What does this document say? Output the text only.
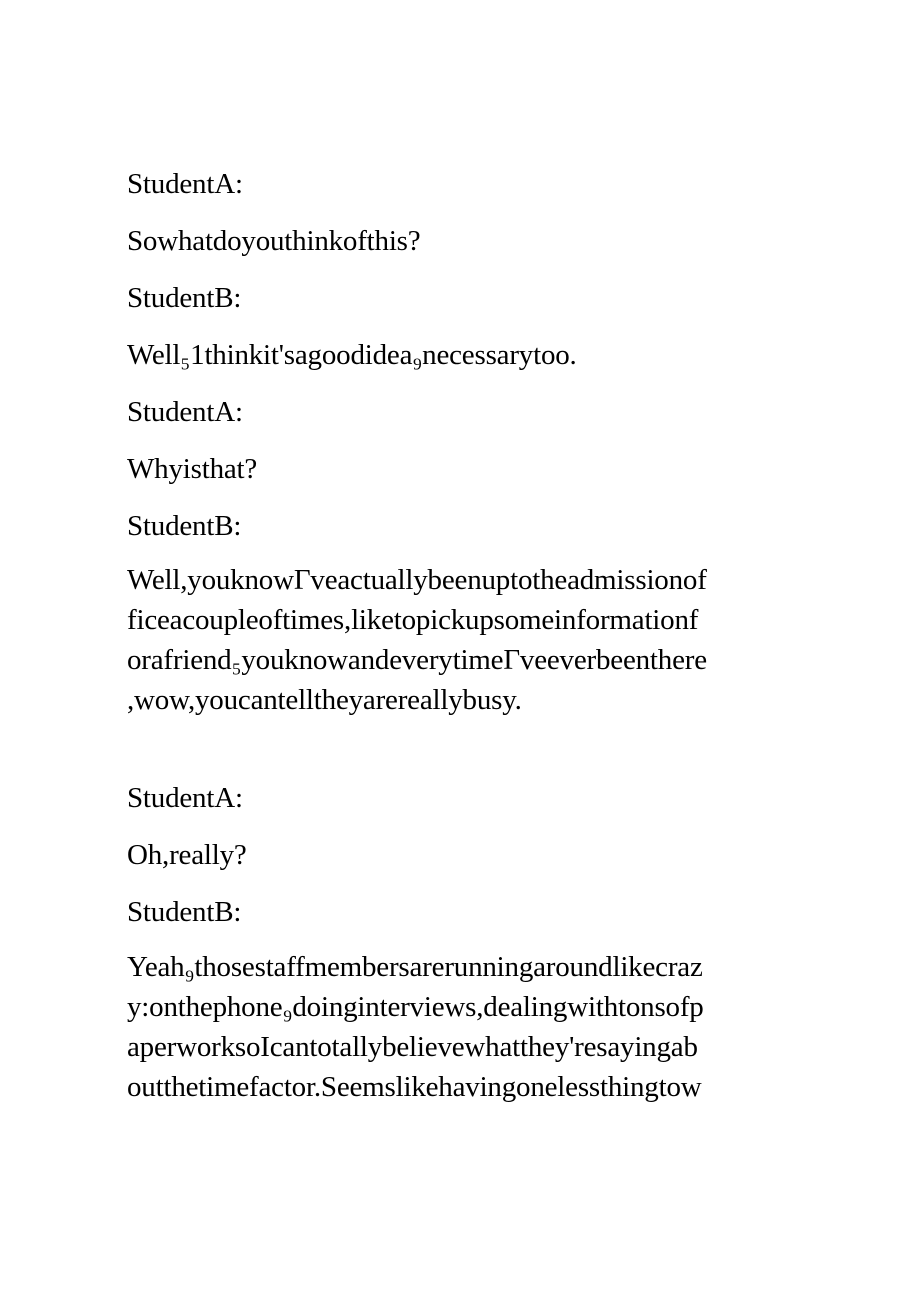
StudentA:
Sowhatdoyouthinkofthis?
StudentB:
Well₅1thinkit'sagoodidea₉necessarytoo.
StudentA:
Whyisthat?
StudentB:
Well,youknowΓveactuallybeenuptotheadmissionof
ficeacoupleoftimes,liketopickupsomeinformationf
orafriend₅youknowandeverytimeΓveeverbeenthere
,wow,youcantelltheyarereallybusy.
StudentA:
Oh,really?
StudentB:
Yeah₉thosestaffmembersarerunningaroundlikecraz
y:onthephone₉doinginterviews,dealingwithtonsofp
aperworksoIcantotallybelievewhatthey'resayingab
outthetimefactor.Seemslikehavingonelessthingtow
